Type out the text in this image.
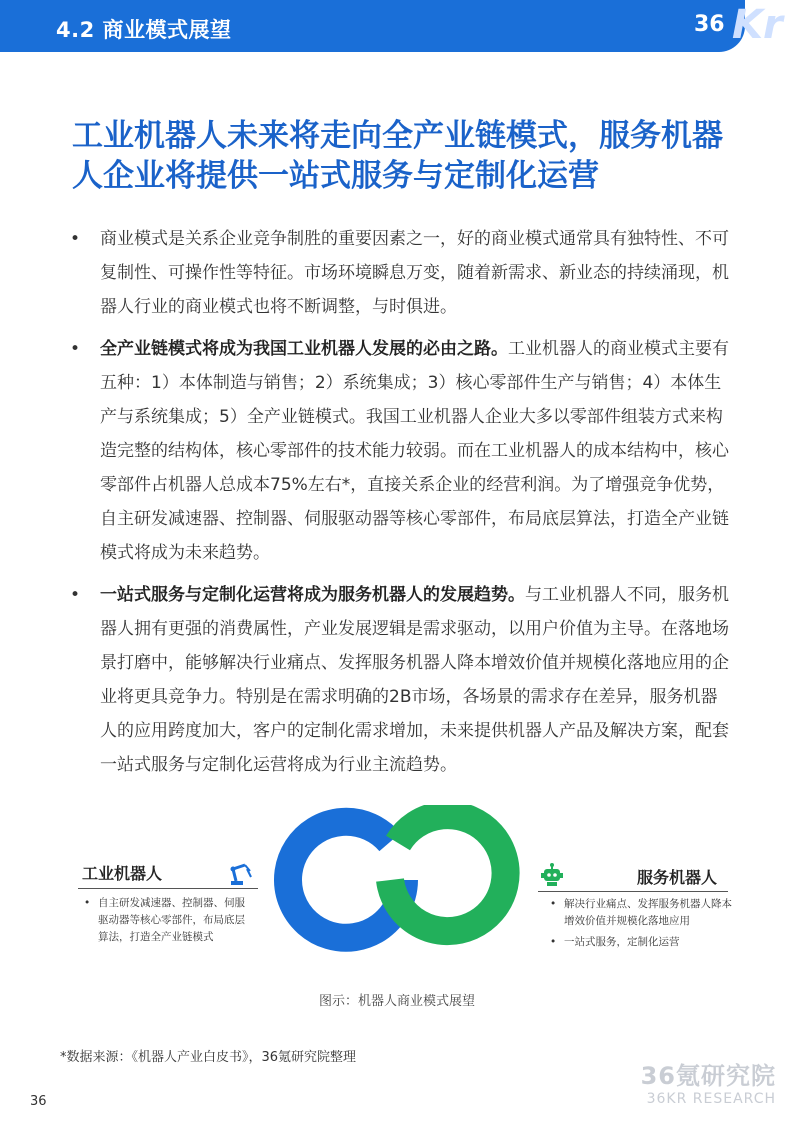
4.2 商业模式展望	36 Kr
工业机器人未来将走向全产业链模式，服务机器人企业将提供一站式服务与定制化运营
• 商业模式是关系企业竞争制胜的重要因素之一，好的商业模式通常具有独特性、不可复制性、可操作性等特征。市场环境瞬息万变，随着新需求、新业态的持续涌现，机器人行业的商业模式也将不断调整，与时俱进。
• 全产业链模式将成为我国工业机器人发展的必由之路。工业机器人的商业模式主要有五种：1）本体制造与销售；2）系统集成；3）核心零部件生产与销售；4）本体生产与系统集成；5）全产业链模式。我国工业机器人企业大多以零部件组装方式来构造完整的结构体，核心零部件的技术能力较弱。而在工业机器人的成本结构中，核心零部件占机器人总成本75%左右*，直接关系企业的经营利润。为了增强竞争优势，自主研发减速器、控制器、伺服驱动器等核心零部件，布局底层算法，打造全产业链模式将成为未来趋势。
• 一站式服务与定制化运营将成为服务机器人的发展趋势。与工业机器人不同，服务机器人拥有更强的消费属性，产业发展逻辑是需求驱动，以用户价值为主导。在落地场景打磨中，能够解决行业痛点、发挥服务机器人降本增效价值并规模化落地应用的企业将更具竞争力。特别是在需求明确的2B市场，各场景的需求存在差异，服务机器人的应用跨度加大，客户的定制化需求增加，未来提供机器人产品及解决方案，配套一站式服务与定制化运营将成为行业主流趋势。
工业机器人
• 自主研发减速器、控制器、伺服驱动器等核心零部件，布局底层算法，打造全产业链模式
服务机器人
• 解决行业痛点、发挥服务机器人降本增效价值并规模化落地应用
• 一站式服务，定制化运营
图示：机器人商业模式展望
*数据来源：《机器人产业白皮书》，36氪研究院整理
36
36氪研究院
36KR RESEARCH
